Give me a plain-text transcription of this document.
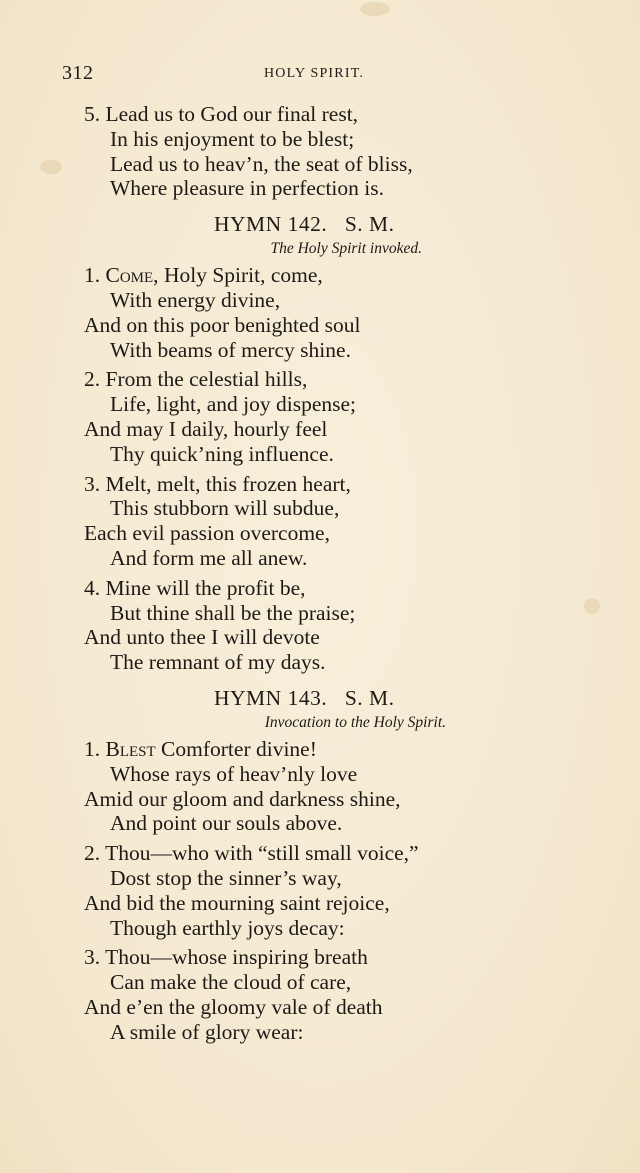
312	HOLY SPIRIT.
5. Lead us to God our final rest,
In his enjoyment to be blest;
Lead us to heav’n, the seat of bliss,
Where pleasure in perfection is.
HYMN 142.   S. M.
The Holy Spirit invoked.
1. Come, Holy Spirit, come,
With energy divine,
And on this poor benighted soul
With beams of mercy shine.
2. From the celestial hills,
Life, light, and joy dispense;
And may I daily, hourly feel
Thy quick’ning influence.
3. Melt, melt, this frozen heart,
This stubborn will subdue,
Each evil passion overcome,
And form me all anew.
4. Mine will the profit be,
But thine shall be the praise;
And unto thee I will devote
The remnant of my days.
HYMN 143.   S. M.
Invocation to the Holy Spirit.
1. Blest Comforter divine!
Whose rays of heav’nly love
Amid our gloom and darkness shine,
And point our souls above.
2. Thou—who with “still small voice,”
Dost stop the sinner’s way,
And bid the mourning saint rejoice,
Though earthly joys decay:
3. Thou—whose inspiring breath
Can make the cloud of care,
And e’en the gloomy vale of death
A smile of glory wear:
